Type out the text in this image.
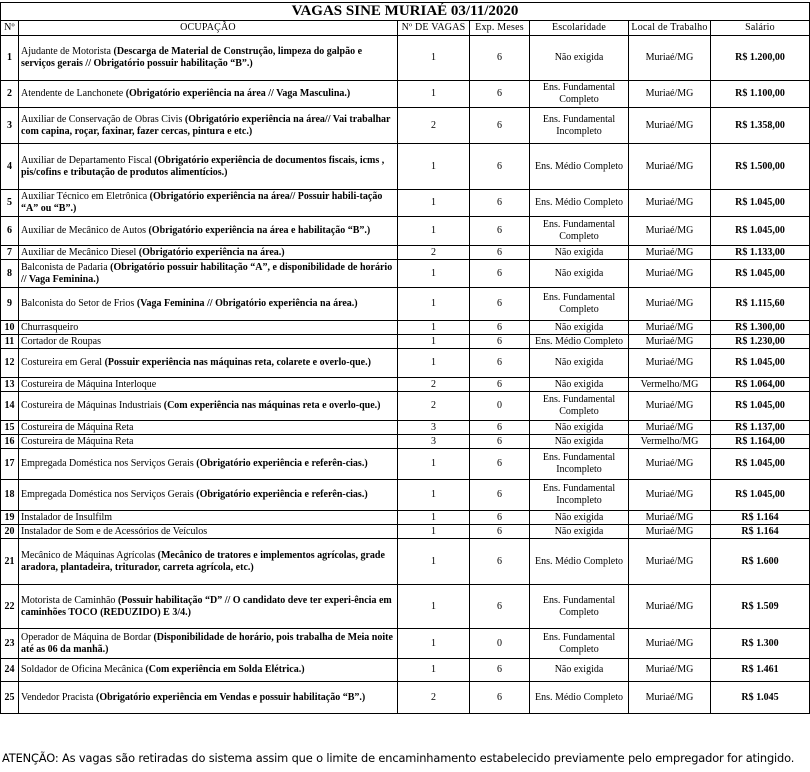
VAGAS SINE MURIAÉ 03/11/2020						
Nº	OCUPAÇÃO	Nº DE VAGAS	Exp. Meses	Escolaridade	Local de Trabalho	Salário
1	Ajudante de Motorista (Descarga de Material de Construção, limpeza do galpão e serviços gerais // Obrigatório possuir habilitação “B”.)	1	6	Não exigida	Muriaé/MG	R$ 1.200,00
2	Atendente de Lanchonete (Obrigatório experiência na área // Vaga Masculina.)	1	6	Ens. Fundamental Completo	Muriaé/MG	R$ 1.100,00
3	Auxiliar de Conservação de Obras Civis (Obrigatório experiência na área// Vai trabalhar com capina, roçar, faxinar, fazer cercas, pintura e etc.)	2	6	Ens. Fundamental Incompleto	Muriaé/MG	R$ 1.358,00
4	Auxiliar de Departamento Fiscal (Obrigatório experiência de documentos fiscais, icms , pis/cofins e tributação de produtos alimentícios.)	1	6	Ens. Médio Completo	Muriaé/MG	R$ 1.500,00
5	Auxiliar Técnico em Eletrônica (Obrigatório experiência na área// Possuir habili-tação “A” ou “B”.)	1	6	Ens. Médio Completo	Muriaé/MG	R$ 1.045,00
6	Auxiliar de Mecânico de Autos (Obrigatório experiência na área e habilitação “B”.)	1	6	Ens. Fundamental Completo	Muriaé/MG	R$ 1.045,00
7	Auxiliar de Mecânico Diesel (Obrigatório experiência na área.)	2	6	Não exigida	Muriaé/MG	R$ 1.133,00
8	Balconista de Padaria (Obrigatório possuir habilitação “A”, e disponibilidade de horário // Vaga Feminina.)	1	6	Não exigida	Muriaé/MG	R$ 1.045,00
9	Balconista do Setor de Frios (Vaga Feminina // Obrigatório experiência na área.)	1	6	Ens. Fundamental Completo	Muriaé/MG	R$ 1.115,60
10	Churrasqueiro	1	6	Não exigida	Muriaé/MG	R$ 1.300,00
11	Cortador de Roupas	1	6	Ens. Médio Completo	Muriaé/MG	R$ 1.230,00
12	Costureira em Geral (Possuir experiência nas máquinas reta, colarete e overlo-que.)	1	6	Não exigida	Muriaé/MG	R$ 1.045,00
13	Costureira de Máquina Interloque	2	6	Não exigida	Vermelho/MG	R$ 1.064,00
14	Costureira de Máquinas Industriais (Com experiência nas máquinas reta e overlo-que.)	2	0	Ens. Fundamental Completo	Muriaé/MG	R$ 1.045,00
15	Costureira de Máquina Reta	3	6	Não exigida	Muriaé/MG	R$ 1.137,00
16	Costureira de Máquina Reta	3	6	Não exigida	Vermelho/MG	R$ 1.164,00
17	Empregada Doméstica nos Serviços Gerais (Obrigatório experiência e referên-cias.)	1	6	Ens. Fundamental Incompleto	Muriaé/MG	R$ 1.045,00
18	Empregada Doméstica nos Serviços Gerais (Obrigatório experiência e referên-cias.)	1	6	Ens. Fundamental Incompleto	Muriaé/MG	R$ 1.045,00
19	Instalador de Insulfilm	1	6	Não exigida	Muriaé/MG	R$ 1.164
20	Instalador de Som e de Acessórios de Veículos	1	6	Não exigida	Muriaé/MG	R$ 1.164
21	Mecânico de Máquinas Agrícolas (Mecânico de tratores e implementos agrícolas, grade aradora, plantadeira, triturador, carreta agrícola, etc.)	1	6	Ens. Médio Completo	Muriaé/MG	R$ 1.600
22	Motorista de Caminhão (Possuir habilitação “D” // O candidato deve ter experi-ência em caminhões TOCO (REDUZIDO) E 3/4.)	1	6	Ens. Fundamental Completo	Muriaé/MG	R$ 1.509
23	Operador de Máquina de Bordar (Disponibilidade de horário, pois trabalha de Meia noite até as 06 da manhã.)	1	0	Ens. Fundamental Completo	Muriaé/MG	R$ 1.300
24	Soldador de Oficina Mecânica (Com experiência em Solda Elétrica.)	1	6	Não exigida	Muriaé/MG	R$ 1.461
25	Vendedor Pracista (Obrigatório experiência em Vendas e possuir habilitação “B”.)	2	6	Ens. Médio Completo	Muriaé/MG	R$ 1.045
ATENÇÃO: As vagas são retiradas do sistema assim que o limite de encaminhamento estabelecido previamente pelo empregador for atingido.
